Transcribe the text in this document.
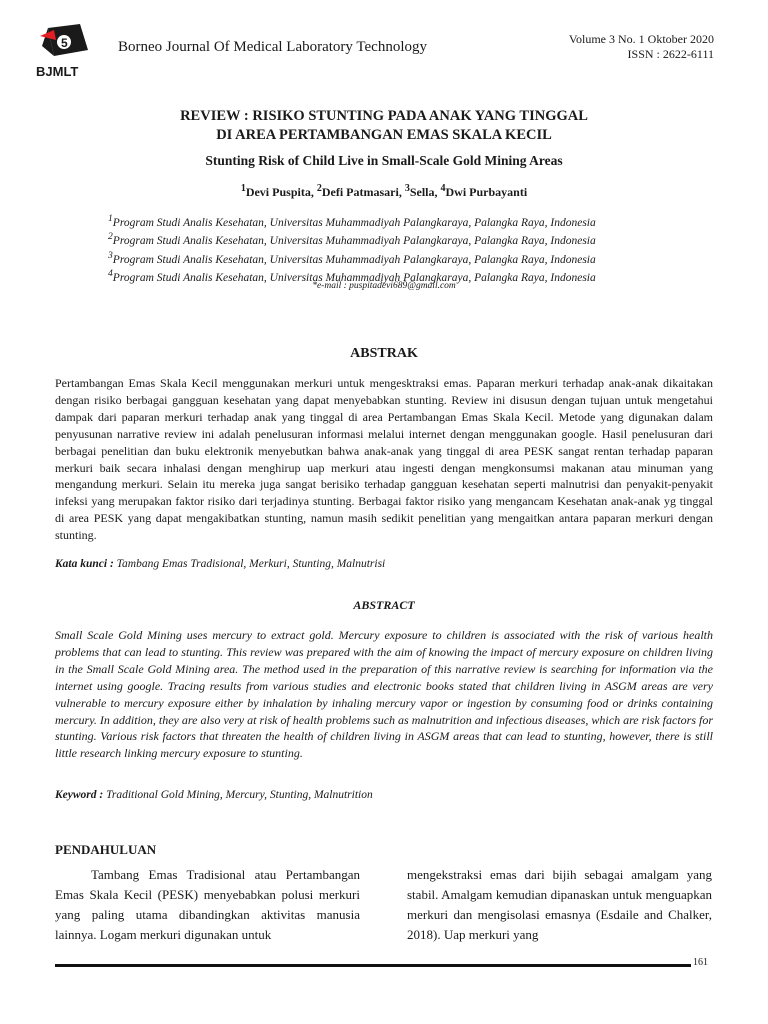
5
BJMLT
Borneo Journal Of Medical Laboratory Technology	Volume 3 No. 1 Oktober 2020
ISSN : 2622-6111
REVIEW : RISIKO STUNTING PADA ANAK YANG TINGGAL
DI AREA PERTAMBANGAN EMAS SKALA KECIL
Stunting Risk of Child Live in Small-Scale Gold Mining Areas
$^1$Devi Puspita, $^2$Defi Patmasari, $^3$Sella, $^4$Dwi Purbayanti
$^1$Program Studi Analis Kesehatan, Universitas Muhammadiyah Palangkaraya, Palangka Raya, Indonesia
$^2$Program Studi Analis Kesehatan, Universitas Muhammadiyah Palangkaraya, Palangka Raya, Indonesia
$^3$Program Studi Analis Kesehatan, Universitas Muhammadiyah Palangkaraya, Palangka Raya, Indonesia
$^4$Program Studi Analis Kesehatan, Universitas Muhammadiyah Palangkaraya, Palangka Raya, Indonesia
*e-mail : puspitadevi689@gmail.com
ABSTRAK
Pertambangan Emas Skala Kecil menggunakan merkuri untuk mengesktraksi emas. Paparan merkuri terhadap anak-anak dikaitakan dengan risiko berbagai gangguan kesehatan yang dapat menyebabkan stunting. Review ini disusun dengan tujuan untuk mengetahui dampak dari paparan merkuri terhadap anak yang tinggal di area Pertambangan Emas Skala Kecil. Metode yang digunakan dalam penyusunan narrative review ini adalah penelusuran informasi melalui internet dengan menggunakan google. Hasil penelusuran dari berbagai penelitian dan buku elektronik menyebutkan bahwa anak-anak yang tinggal di area PESK sangat rentan terhadap paparan merkuri baik secara inhalasi dengan menghirup uap merkuri atau ingesti dengan mengkonsumsi makanan atau minuman yang mengandung merkuri. Selain itu mereka juga sangat berisiko terhadap gangguan kesehatan seperti malnutrisi dan penyakit-penyakit infeksi yang merupakan faktor risiko dari terjadinya stunting. Berbagai faktor risiko yang mengancam Kesehatan anak-anak yg tinggal di area PESK yang dapat mengakibatkan stunting, namun masih sedikit penelitian yang mengaitkan antara paparan merkuri dengan stunting.
Kata kunci : Tambang Emas Tradisional, Merkuri, Stunting, Malnutrisi
ABSTRACT
Small Scale Gold Mining uses mercury to extract gold. Mercury exposure to children is associated with the risk of various health problems that can lead to stunting. This review was prepared with the aim of knowing the impact of mercury exposure on children living in the Small Scale Gold Mining area. The method used in the preparation of this narrative review is searching for information via the internet using google. Tracing results from various studies and electronic books stated that children living in ASGM areas are very vulnerable to mercury exposure either by inhalation by inhaling mercury vapor or ingestion by consuming food or drinks containing mercury. In addition, they are also very at risk of health problems such as malnutrition and infectious diseases, which are risk factors for stunting. Various risk factors that threaten the health of children living in ASGM areas that can lead to stunting, however, there is still little research linking mercury exposure to stunting.
Keyword : Traditional Gold Mining, Mercury, Stunting, Malnutrition
PENDAHULUAN
Tambang Emas Tradisional atau Pertambangan Emas Skala Kecil (PESK) menyebabkan polusi merkuri yang paling utama dibandingkan aktivitas manusia lainnya. Logam merkuri digunakan untuk
mengekstraksi emas dari bijih sebagai amalgam yang stabil. Amalgam kemudian dipanaskan untuk menguapkan merkuri dan mengisolasi emasnya (Esdaile and Chalker, 2018). Uap merkuri yang
161
